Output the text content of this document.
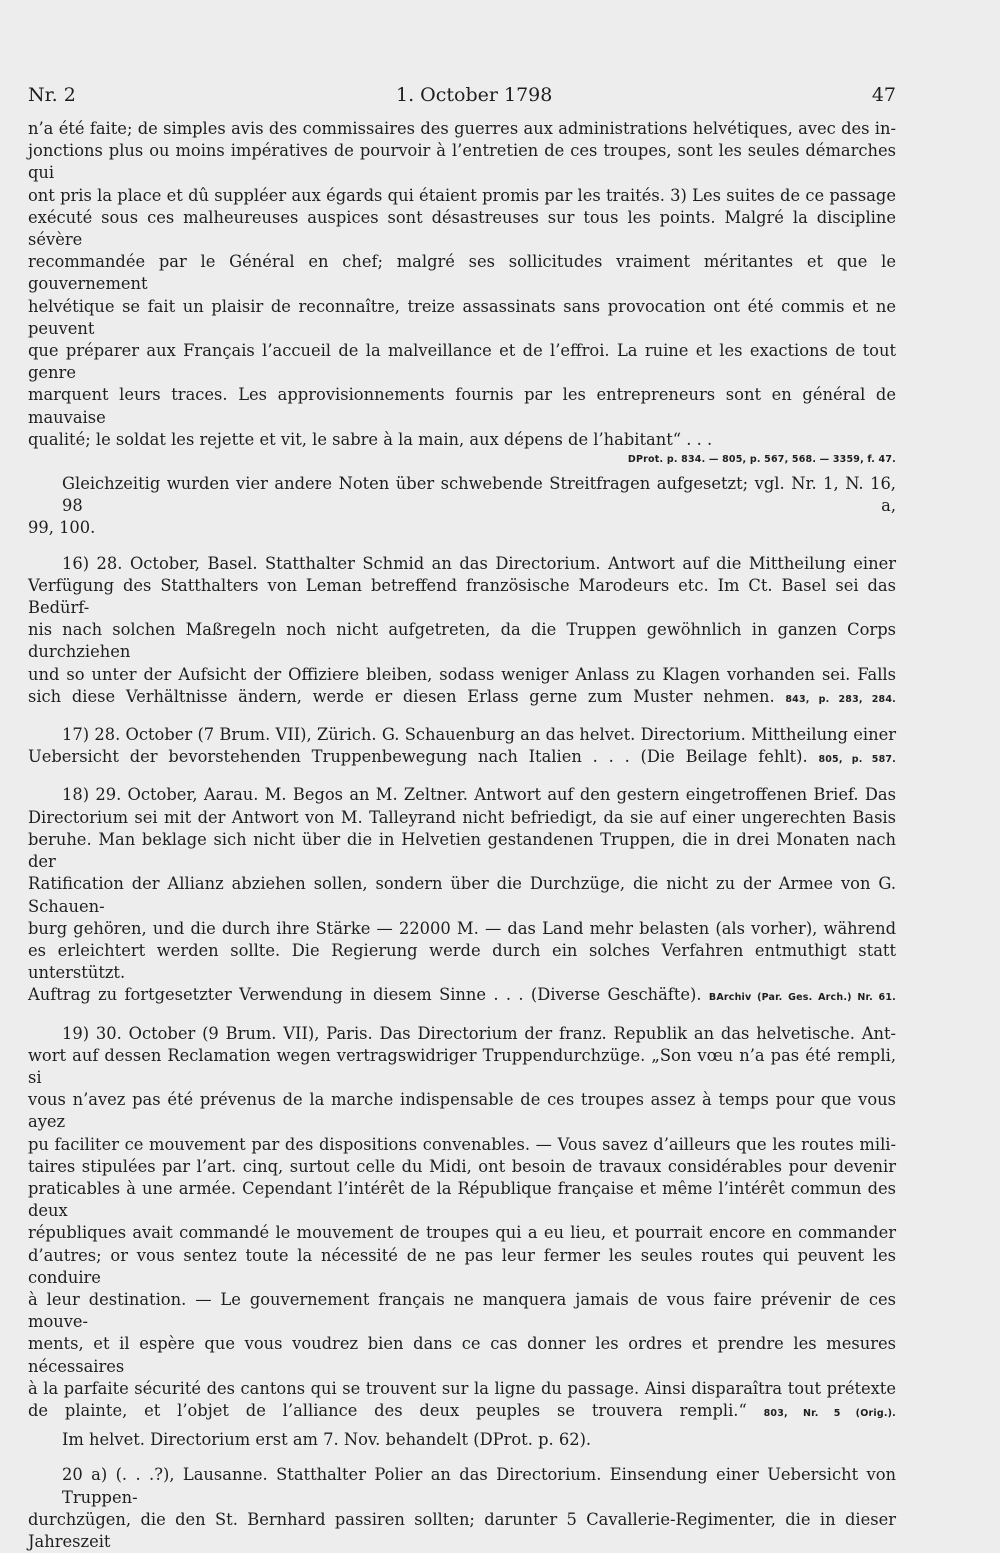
Nr. 2	1. October 1798	47
n’a été faite; de simples avis des commissaires des guerres aux administrations helvétiques, avec des in-
jonctions plus ou moins impératives de pourvoir à l’entretien de ces troupes, sont les seules démarches qui
ont pris la place et dû suppléer aux égards qui étaient promis par les traités. 3) Les suites de ce passage
exécuté sous ces malheureuses auspices sont désastreuses sur tous les points. Malgré la discipline sévère
recommandée par le Général en chef; malgré ses sollicitudes vraiment méritantes et que le gouvernement
helvétique se fait un plaisir de reconnaître, treize assassinats sans provocation ont été commis et ne peuvent
que préparer aux Français l’accueil de la malveillance et de l’effroi. La ruine et les exactions de tout genre
marquent leurs traces. Les approvisionnements fournis par les entrepreneurs sont en général de mauvaise
qualité; le soldat les rejette et vit, le sabre à la main, aux dépens de l’habitant“ . . .
DProt. p. 834. — 805, p. 567, 568. — 3359, f. 47.
Gleichzeitig wurden vier andere Noten über schwebende Streitfragen aufgesetzt; vgl. Nr. 1, N. 16, 98 a,
99, 100.
16) 28. October, Basel. Statthalter Schmid an das Directorium. Antwort auf die Mittheilung einer
Verfügung des Statthalters von Leman betreffend französische Marodeurs etc. Im Ct. Basel sei das Bedürf-
nis nach solchen Maßregeln noch nicht aufgetreten, da die Truppen gewöhnlich in ganzen Corps durchziehen
und so unter der Aufsicht der Offiziere bleiben, sodass weniger Anlass zu Klagen vorhanden sei. Falls
sich diese Verhältnisse ändern, werde er diesen Erlass gerne zum Muster nehmen. 843, p. 283, 284.
17) 28. October (7 Brum. VII), Zürich. G. Schauenburg an das helvet. Directorium. Mittheilung einer
Uebersicht der bevorstehenden Truppenbewegung nach Italien . . . (Die Beilage fehlt). 805, p. 587.
18) 29. October, Aarau. M. Begos an M. Zeltner. Antwort auf den gestern eingetroffenen Brief. Das
Directorium sei mit der Antwort von M. Talleyrand nicht befriedigt, da sie auf einer ungerechten Basis
beruhe. Man beklage sich nicht über die in Helvetien gestandenen Truppen, die in drei Monaten nach der
Ratification der Allianz abziehen sollen, sondern über die Durchzüge, die nicht zu der Armee von G. Schauen-
burg gehören, und die durch ihre Stärke — 22000 M. — das Land mehr belasten (als vorher), während
es erleichtert werden sollte. Die Regierung werde durch ein solches Verfahren entmuthigt statt unterstützt.
Auftrag zu fortgesetzter Verwendung in diesem Sinne . . . (Diverse Geschäfte). BArchiv (Par. Ges. Arch.) Nr. 61.
19) 30. October (9 Brum. VII), Paris. Das Directorium der franz. Republik an das helvetische. Ant-
wort auf dessen Reclamation wegen vertragswidriger Truppendurchzüge. „Son vœu n’a pas été rempli, si
vous n’avez pas été prévenus de la marche indispensable de ces troupes assez à temps pour que vous ayez
pu faciliter ce mouvement par des dispositions convenables. — Vous savez d’ailleurs que les routes mili-
taires stipulées par l’art. cinq, surtout celle du Midi, ont besoin de travaux considérables pour devenir
praticables à une armée. Cependant l’intérêt de la République française et même l’intérêt commun des deux
républiques avait commandé le mouvement de troupes qui a eu lieu, et pourrait encore en commander
d’autres; or vous sentez toute la nécessité de ne pas leur fermer les seules routes qui peuvent les conduire
à leur destination. — Le gouvernement français ne manquera jamais de vous faire prévenir de ces mouve-
ments, et il espère que vous voudrez bien dans ce cas donner les ordres et prendre les mesures nécessaires
à la parfaite sécurité des cantons qui se trouvent sur la ligne du passage. Ainsi disparaîtra tout prétexte
de plainte, et l’objet de l’alliance des deux peuples se trouvera rempli.“ 803, Nr. 5 (Orig.).
Im helvet. Directorium erst am 7. Nov. behandelt (DProt. p. 62).
20 a) (. . .?), Lausanne. Statthalter Polier an das Directorium. Einsendung einer Uebersicht von Truppen-
durchzügen, die den St. Bernhard passiren sollten; darunter 5 Cavallerie-Regimenter, die in dieser Jahreszeit
